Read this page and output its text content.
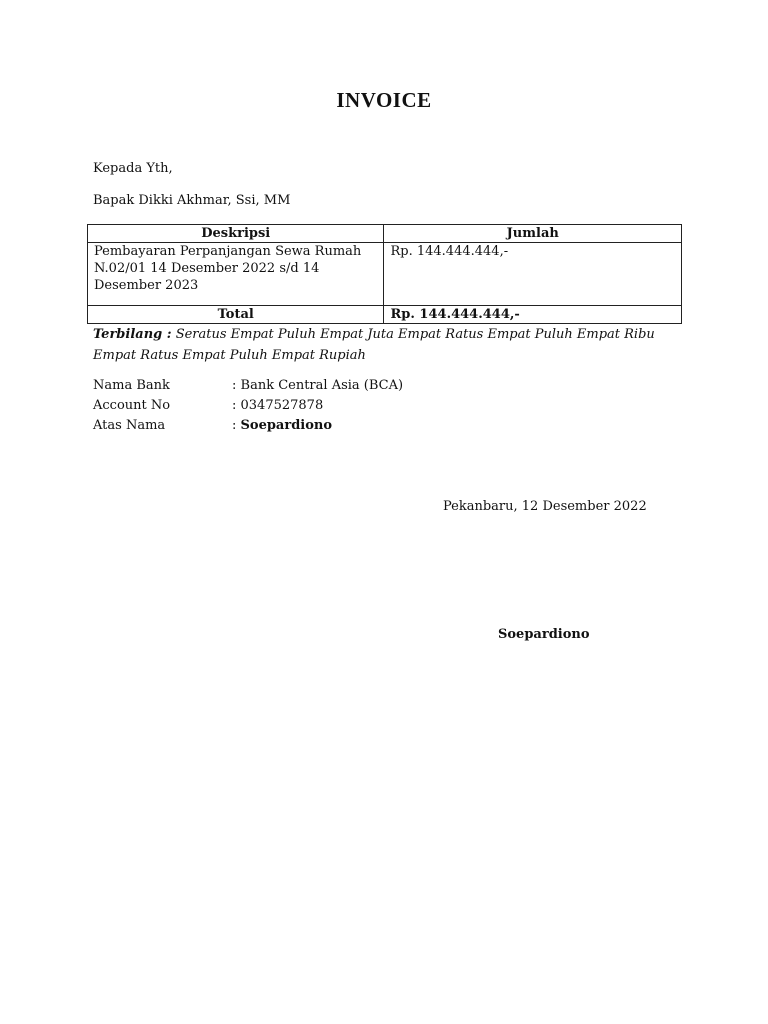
INVOICE
Kepada Yth,
Bapak Dikki Akhmar, Ssi, MM
Deskripsi	Jumlah
Pembayaran Perpanjangan Sewa Rumah N.02/01 14 Desember 2022 s/d 14 Desember 2023	Rp. 144.444.444,-
Total	Rp. 144.444.444,-
Terbilang : Seratus Empat Puluh Empat Juta Empat Ratus Empat Puluh Empat Ribu Empat Ratus Empat Puluh Empat Rupiah
Nama Bank	: Bank Central Asia (BCA)
Account No	: 0347527878
Atas Nama	: Soepardiono
Pekanbaru, 12 Desember 2022
Soepardiono
